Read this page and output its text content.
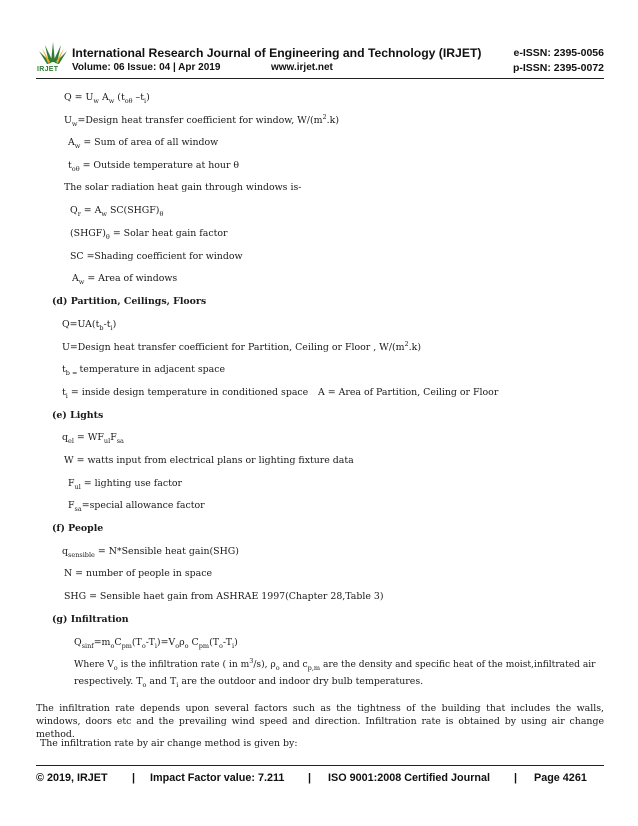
IRJET
International Research Journal of Engineering and Technology (IRJET)	e-ISSN: 2395-0056
Volume: 06 Issue: 04 | Apr 2019	www.irjet.net	p-ISSN: 2395-0072
$Q = U_w$ $A_w$ ($t_{o\theta}$ $-t_i$)
$U_w=Design$ heat transfer coefficient for window, $W/(m^2.k)$
$A_w$ = Sum of area of all window
$t_{o\theta}$ = Outside temperature at hour θ
The solar radiation heat gain through windows is-
$Q_r = A_w$ $SC(SHGF)_\theta$
$(SHGF)_\theta$ = Solar heat gain factor
SC =Shading coefficient for window
$A_w$ = Area of windows
(d) Partition, Ceilings, Floors
$Q=UA(t_b-t_i)$
U=Design heat transfer coefficient for Partition, Ceiling or Floor , $W/(m^2.k)$
$t_{b =}$ temperature in adjacent space
$t_i$ = inside design temperature in conditioned space A = Area of Partition, Ceiling or Floor
(e) Lights
$q_{el} = WF_{ul}F_{sa}$
W = watts input from electrical plans or lighting fixture data
$F_{ul}$ = lighting use factor
$F_{sa}=special$ allowance factor
(f) People
$q_{sensible}$ = N*Sensible heat gain(SHG)
N = number of people in space
SHG = Sensible haet gain from ASHRAE 1997(Chapter 28,Table 3)
(g) Infiltration
$Q_{sinf}=m_oC_{pm}(T_o-T_i)=V_o\rho_o$ $C_{pm}(T_o-T_i)$
Where $V_o$ is the infiltration rate ( in $m^3/s$), $\rho_o$ and $c_{p,m}$ are the density and specific heat of the moist,infiltrated air
respectively. $T_o$ and $T_i$ are the outdoor and indoor dry bulb temperatures.
The infiltration rate depends upon several factors such as the tightness of the building that includes the walls, windows, doors etc and the prevailing wind speed and direction. Infiltration rate is obtained by using air change method.
The infiltration rate by air change method is given by:
© 2019, IRJET | Impact Factor value: 7.211 | ISO 9001:2008 Certified Journal | Page 4261
